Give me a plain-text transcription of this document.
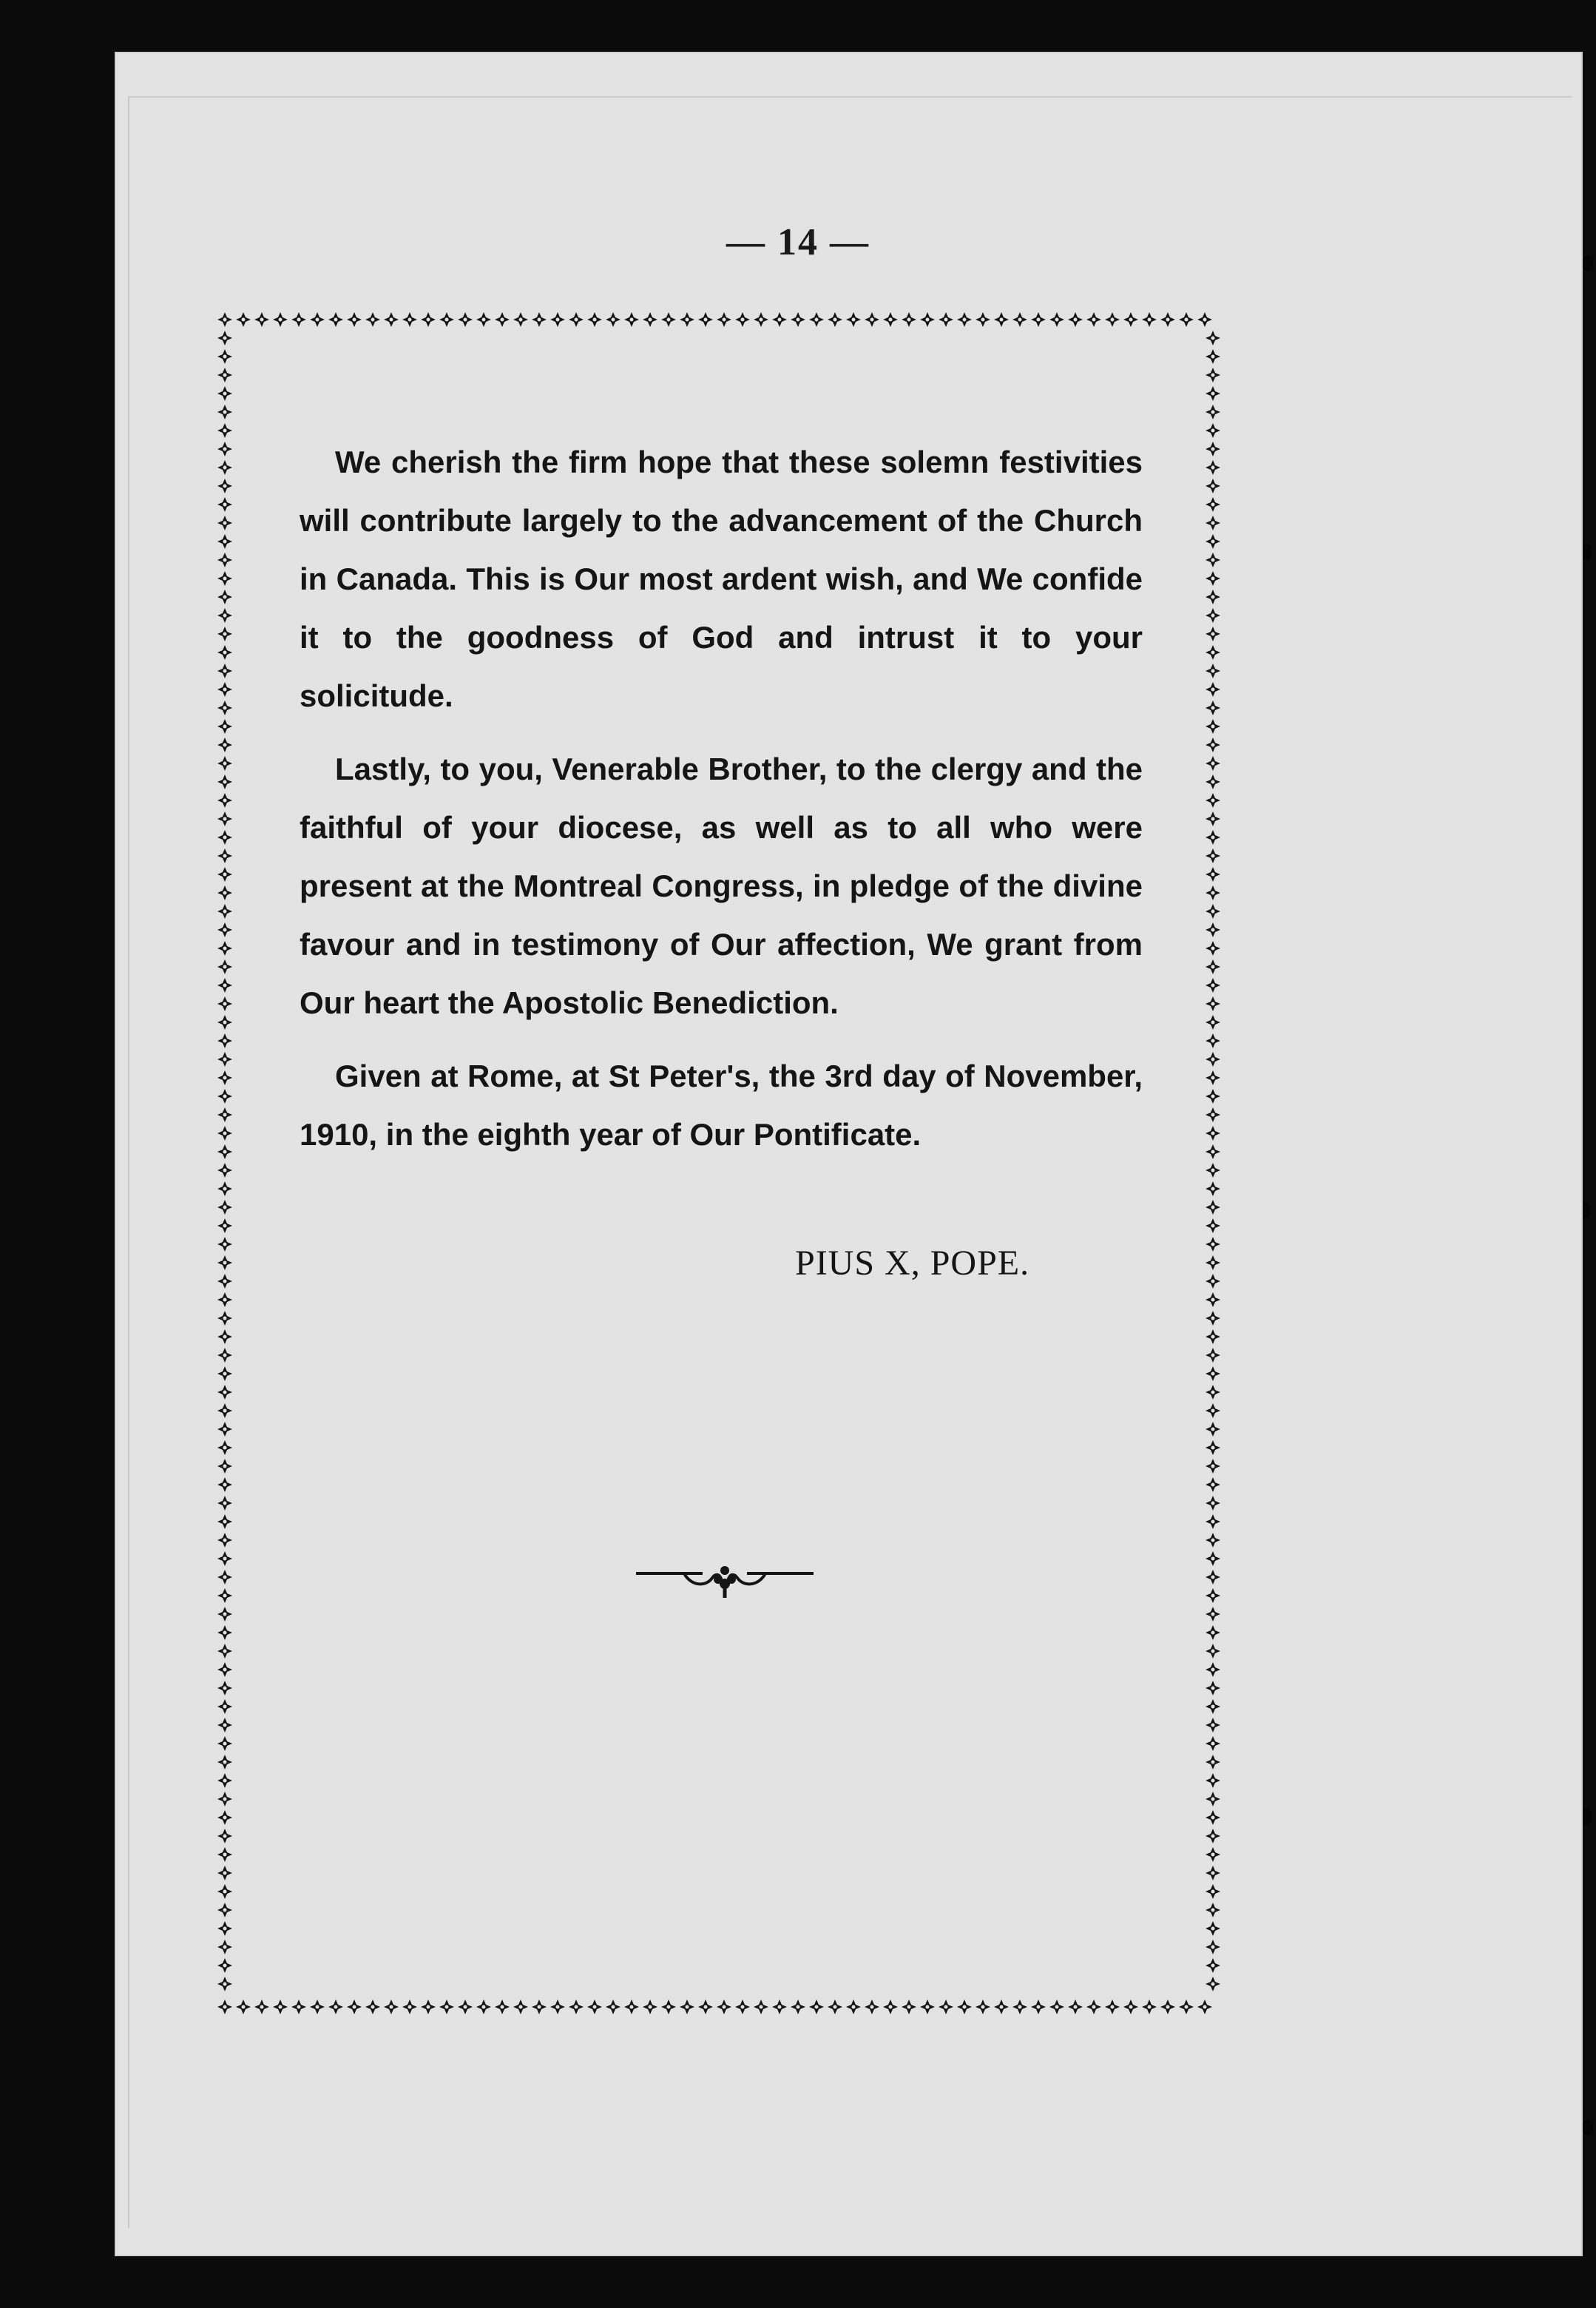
— 14 —

We cherish the firm hope that these solemn festivities will contribute largely to the advancement of the Church in Canada. This is Our most ardent wish, and We confide it to the goodness of God and intrust it to your solicitude.

Lastly, to you, Venerable Brother, to the clergy and the faithful of your diocese, as well as to all who were present at the Montreal Congress, in pledge of the divine favour and in testimony of Our affection, We grant from Our heart the Apostolic Benediction.

Given at Rome, at St Peter's, the 3rd day of November, 1910, in the eighth year of Our Pontificate.

PIUS X, POPE.
